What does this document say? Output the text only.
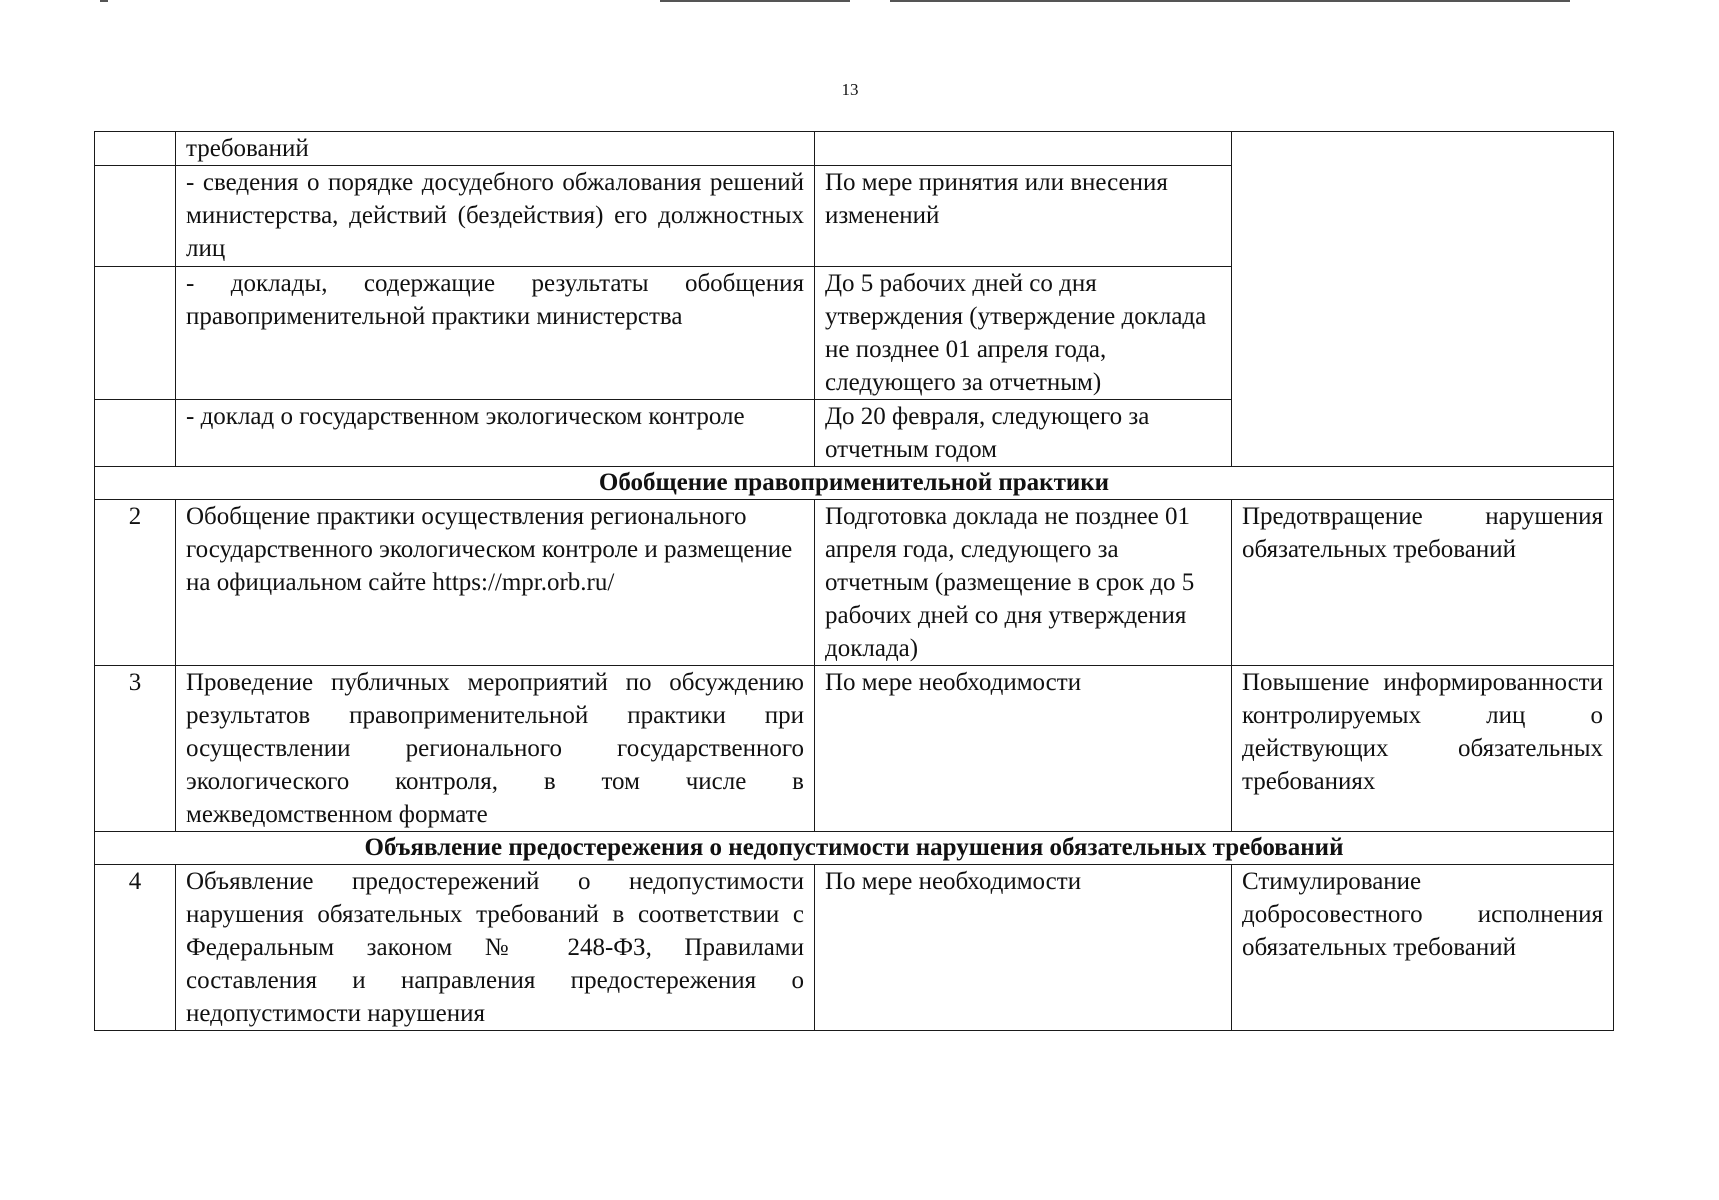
13
	требований		
	- сведения о порядке досудебного обжалования решений министерства, действий (бездействия) его должностных лиц	По мере принятия или внесения изменений	
	- доклады, содержащие результаты обобщения правоприменительной практики министерства	До 5 рабочих дней со дня утверждения (утверждение доклада не позднее 01 апреля года, следующего за отчетным)	
	- доклад о государственном экологическом контроле	До 20 февраля, следующего за отчетным годом	
Обобщение правоприменительной практики			
2	Обобщение практики осуществления регионального государственного экологическом контроле и размещение на официальном сайте https://mpr.orb.ru/	Подготовка доклада не позднее 01 апреля года, следующего за отчетным (размещение в срок до 5 рабочих дней со дня утверждения доклада)	Предотвращение нарушения обязательных требований
3	Проведение публичных мероприятий по обсуждению результатов правоприменительной практики при осуществлении регионального государственного экологического контроля, в том числе в межведомственном формате	По мере необходимости	Повышение информированности контролируемых лиц о действующих обязательных требованиях
Объявление предостережения о недопустимости нарушения обязательных требований			
4	Объявление предостережений о недопустимости нарушения обязательных требований в соответствии с Федеральным законом № 248-ФЗ, Правилами составления и направления предостережения о недопустимости нарушения	По мере необходимости	Стимулирование добросовестного исполнения обязательных требований
